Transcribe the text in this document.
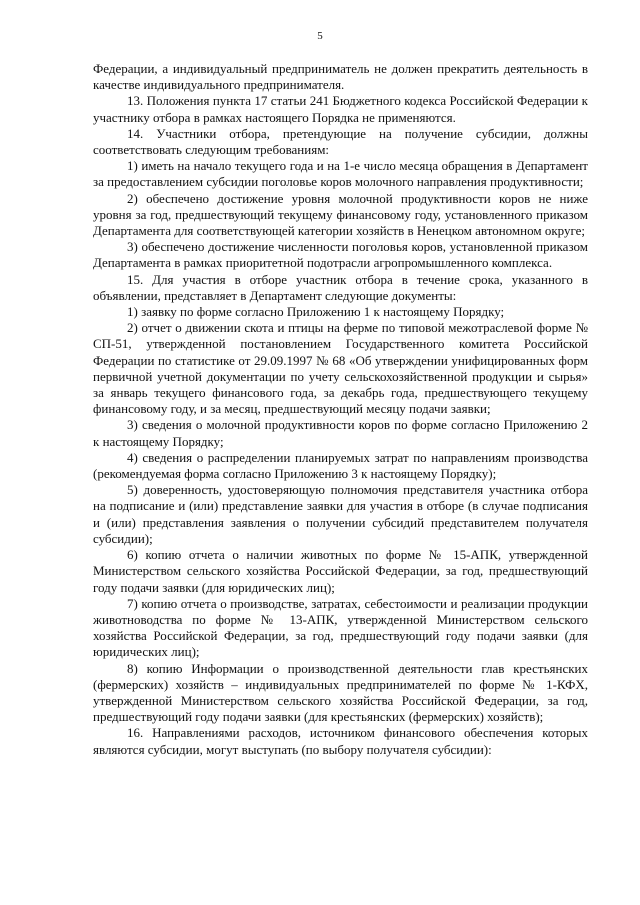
5

Федерации, а индивидуальный предприниматель не должен прекратить деятельность в качестве индивидуального предпринимателя.

13. Положения пункта 17 статьи 241 Бюджетного кодекса Российской Федерации к участнику отбора в рамках настоящего Порядка не применяются.

14. Участники отбора, претендующие на получение субсидии, должны соответствовать следующим требованиям:

1) иметь на начало текущего года и на 1-е число месяца обращения в Департамент за предоставлением субсидии поголовье коров молочного направления продуктивности;

2) обеспечено достижение уровня молочной продуктивности коров не ниже уровня за год, предшествующий текущему финансовому году, установленного приказом Департамента для соответствующей категории хозяйств в Ненецком автономном округе;

3) обеспечено достижение численности поголовья коров, установленной приказом Департамента в рамках приоритетной подотрасли агропромышленного комплекса.

15. Для участия в отборе участник отбора в течение срока, указанного в объявлении, представляет в Департамент следующие документы:

1) заявку по форме согласно Приложению 1 к настоящему Порядку;

2) отчет о движении скота и птицы на ферме по типовой межотраслевой форме № СП-51, утвержденной постановлением Государственного комитета Российской Федерации по статистике от 29.09.1997 № 68 «Об утверждении унифицированных форм первичной учетной документации по учету сельскохозяйственной продукции и сырья» за январь текущего финансового года, за декабрь года, предшествующего текущему финансовому году, и за месяц, предшествующий месяцу подачи заявки;

3) сведения о молочной продуктивности коров по форме согласно Приложению 2 к настоящему Порядку;

4) сведения о распределении планируемых затрат по направлениям производства (рекомендуемая форма согласно Приложению 3 к настоящему Порядку);

5) доверенность, удостоверяющую полномочия представителя участника отбора на подписание и (или) представление заявки для участия в отборе (в случае подписания и (или) представления заявления о получении субсидий представителем получателя субсидии);

6) копию отчета о наличии животных по форме № 15-АПК, утвержденной Министерством сельского хозяйства Российской Федерации, за год, предшествующий году подачи заявки (для юридических лиц);

7) копию отчета о производстве, затратах, себестоимости и реализации продукции животноводства по форме № 13-АПК, утвержденной Министерством сельского хозяйства Российской Федерации, за год, предшествующий году подачи заявки (для юридических лиц);

8) копию Информации о производственной деятельности глав крестьянских (фермерских) хозяйств – индивидуальных предпринимателей по форме № 1-КФХ, утвержденной Министерством сельского хозяйства Российской Федерации, за год, предшествующий году подачи заявки (для крестьянских (фермерских) хозяйств);

16. Направлениями расходов, источником финансового обеспечения которых являются субсидии, могут выступать (по выбору получателя субсидии):
